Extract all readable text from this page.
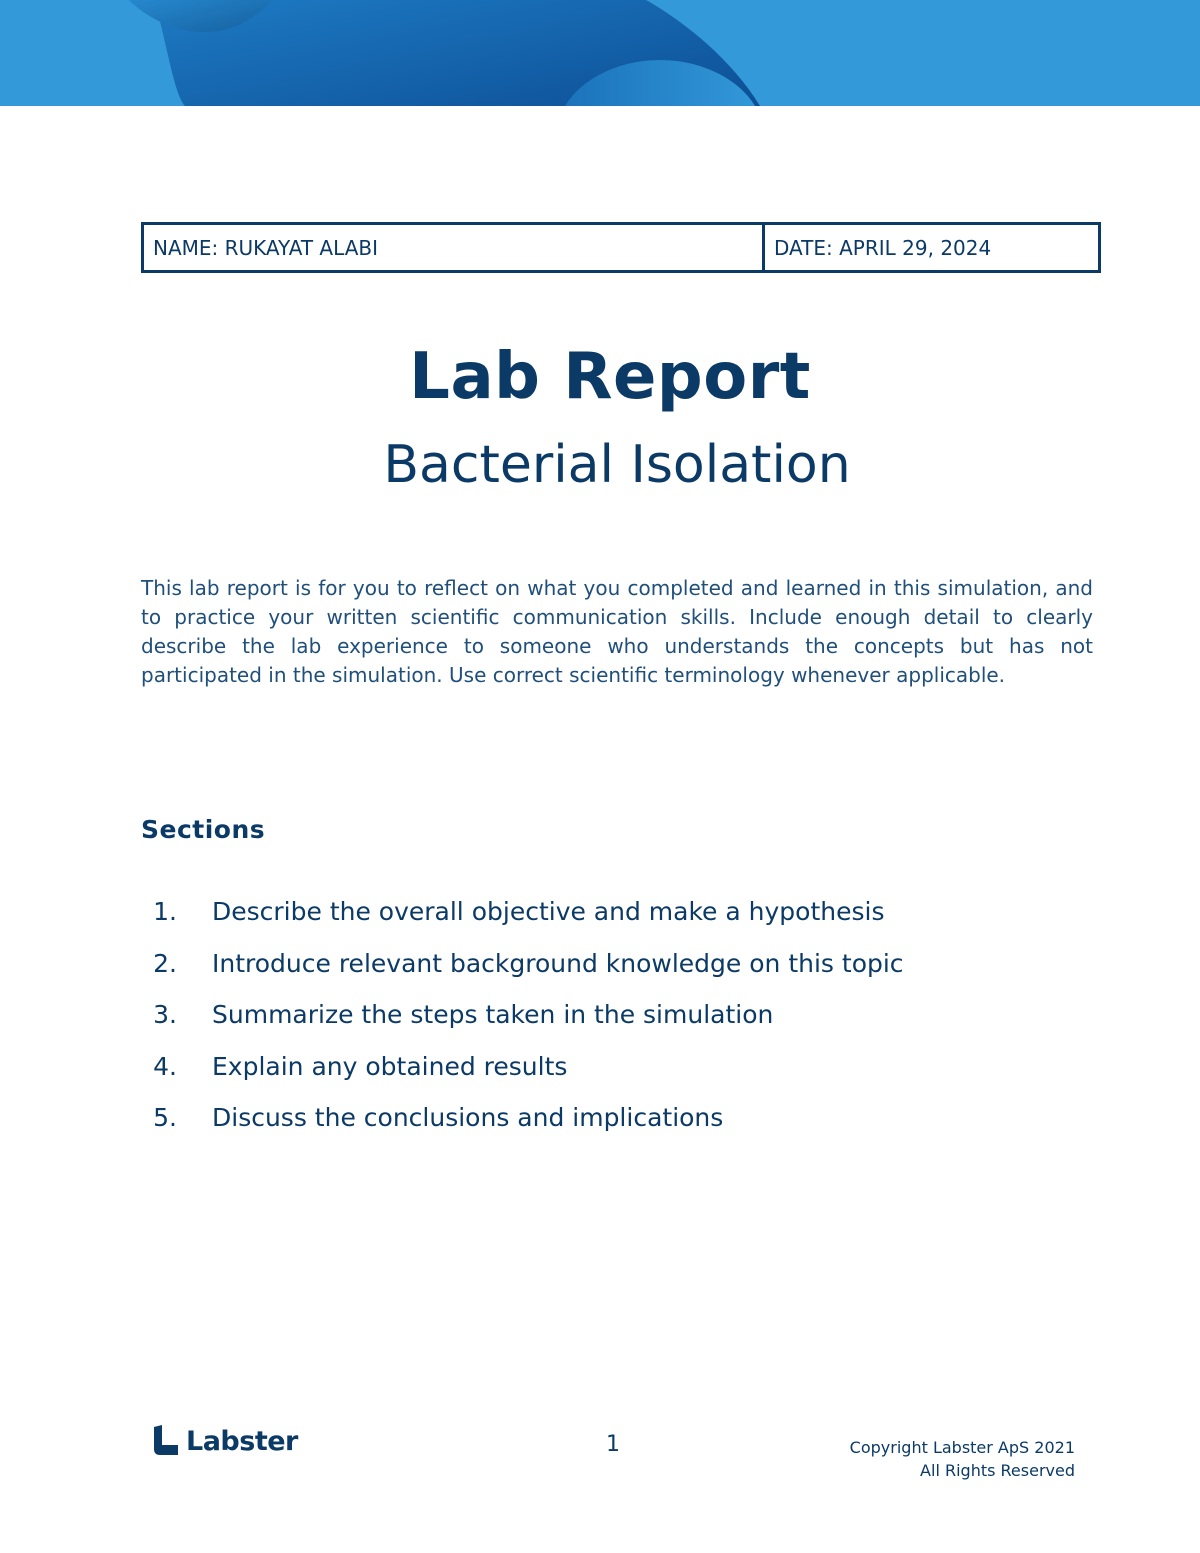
NAME: RUKAYAT ALABI	DATE: APRIL 29, 2024
Lab Report
Bacterial Isolation

This lab report is for you to reflect on what you completed and learned in this simulation, and to practice your written scientific communication skills. Include enough detail to clearly describe the lab experience to someone who understands the concepts but has not participated in the simulation. Use correct scientific terminology whenever applicable.

Sections
1. Describe the overall objective and make a hypothesis
2. Introduce relevant background knowledge on this topic
3. Summarize the steps taken in the simulation
4. Explain any obtained results
5. Discuss the conclusions and implications
Labster	1	Copyright Labster ApS 2021
All Rights Reserved
